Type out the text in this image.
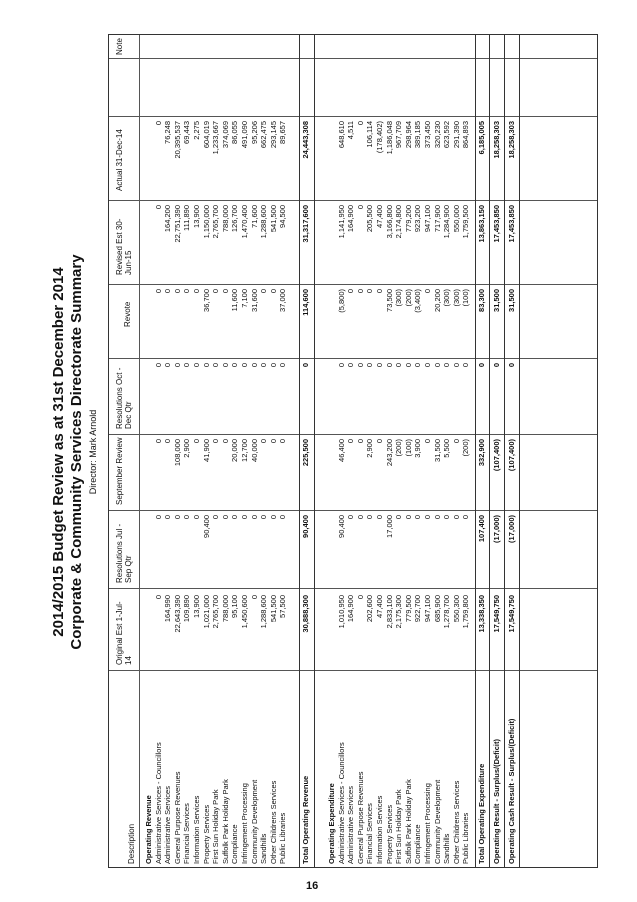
2014/2015 Budget Review as at 31st December 2014 Corporate & Community Services Directorate Summary Director: Mark Arnold
Description
Original Est 1-Jul-14
Resolutions Jul - Sep Qtr
September Review
Resolutions Oct - Dec Qtr
Revote
Revised Est 30-Jun-15
Actual 31-Dec-14
Note
Operating Revenue Administrative Services - Councillors
0
0
0
0
0
0
0
Administrative Services
164,990
0
0
0
0
164,200
76,248
General Purpose Revenues
22,643,390
0
108,000
0
0
22,751,390
20,395,537
Financial Services
109,890
0
2,900
0
0
111,890
69,443
Information Services
13,900
0
0
0
0
13,900
2,275
Property Services
1,021,000
90,400
41,900
0
36,700
1,150,000
604,019
First Sun Holiday Park
2,765,700
0
0
0
0
2,765,700
1,233,667
Suffolk Park Holiday Park
788,000
0
0
0
0
788,000
374,069
Compliance
95,100
0
20,000
0
11,600
126,700
86,055
Infringement Processing
1,450,600
0
12,700
0
7,100
1,470,400
491,090
Community Development
0
0
40,000
0
31,600
71,600
95,206
Sandhills
1,288,600
0
0
0
0
1,288,600
662,475
Other Childrens Services
541,500
0
0
0
0
541,500
293,145
Public Libraries
57,500
0
0
0
37,000
94,500
89,657
Total Operating Revenue
30,888,300
90,400
225,500
0
114,600
31,317,600
24,443,308
Operating Expenditure Administrative Services - Councillors
1,010,950
90,400
46,400
0
(5,800)
1,141,950
648,610
Administrative Services
164,900
0
0
0
0
164,900
4,511
General Purpose Revenues
0
0
0
0
0
0
0
Financial Services
202,600
0
2,900
0
0
205,500
106,114
Information Services
47,400
0
0
0
0
47,400
(178,402)
Property Services
2,833,100
17,000
243,200
0
73,500
3,166,800
1,186,048
First Sun Holiday Park
2,175,300
0
(200)
0
(300)
2,174,800
967,709
Suffolk Park Holiday Park
779,500
0
(100)
0
(200)
779,200
298,964
Compliance
922,700
0
3,900
0
(3,400)
923,200
389,185
Infringement Processing
947,100
0
0
0
0
947,100
373,450
Community Development
685,900
0
31,500
0
20,200
717,900
320,230
Sandhills
1,278,700
0
5,500
0
(300)
1,284,900
623,592
Other Childrens Services
550,300
0
0
0
(300)
550,000
291,390
Public Libraries
1,759,800
0
(200)
0
(100)
1,759,500
864,893
Total Operating Expenditure
13,338,350
107,400
332,900
0
83,300
13,863,150
6,185,005
Operating Result - Surplus/(Deficit)
17,549,750
(17,000)
(107,400)
0
31,500
17,453,850
18,258,303
Operating Cash Result - Surplus/(Deficit)
17,549,750
(17,000)
(107,400)
0
31,500
17,453,850
18,258,303
16
